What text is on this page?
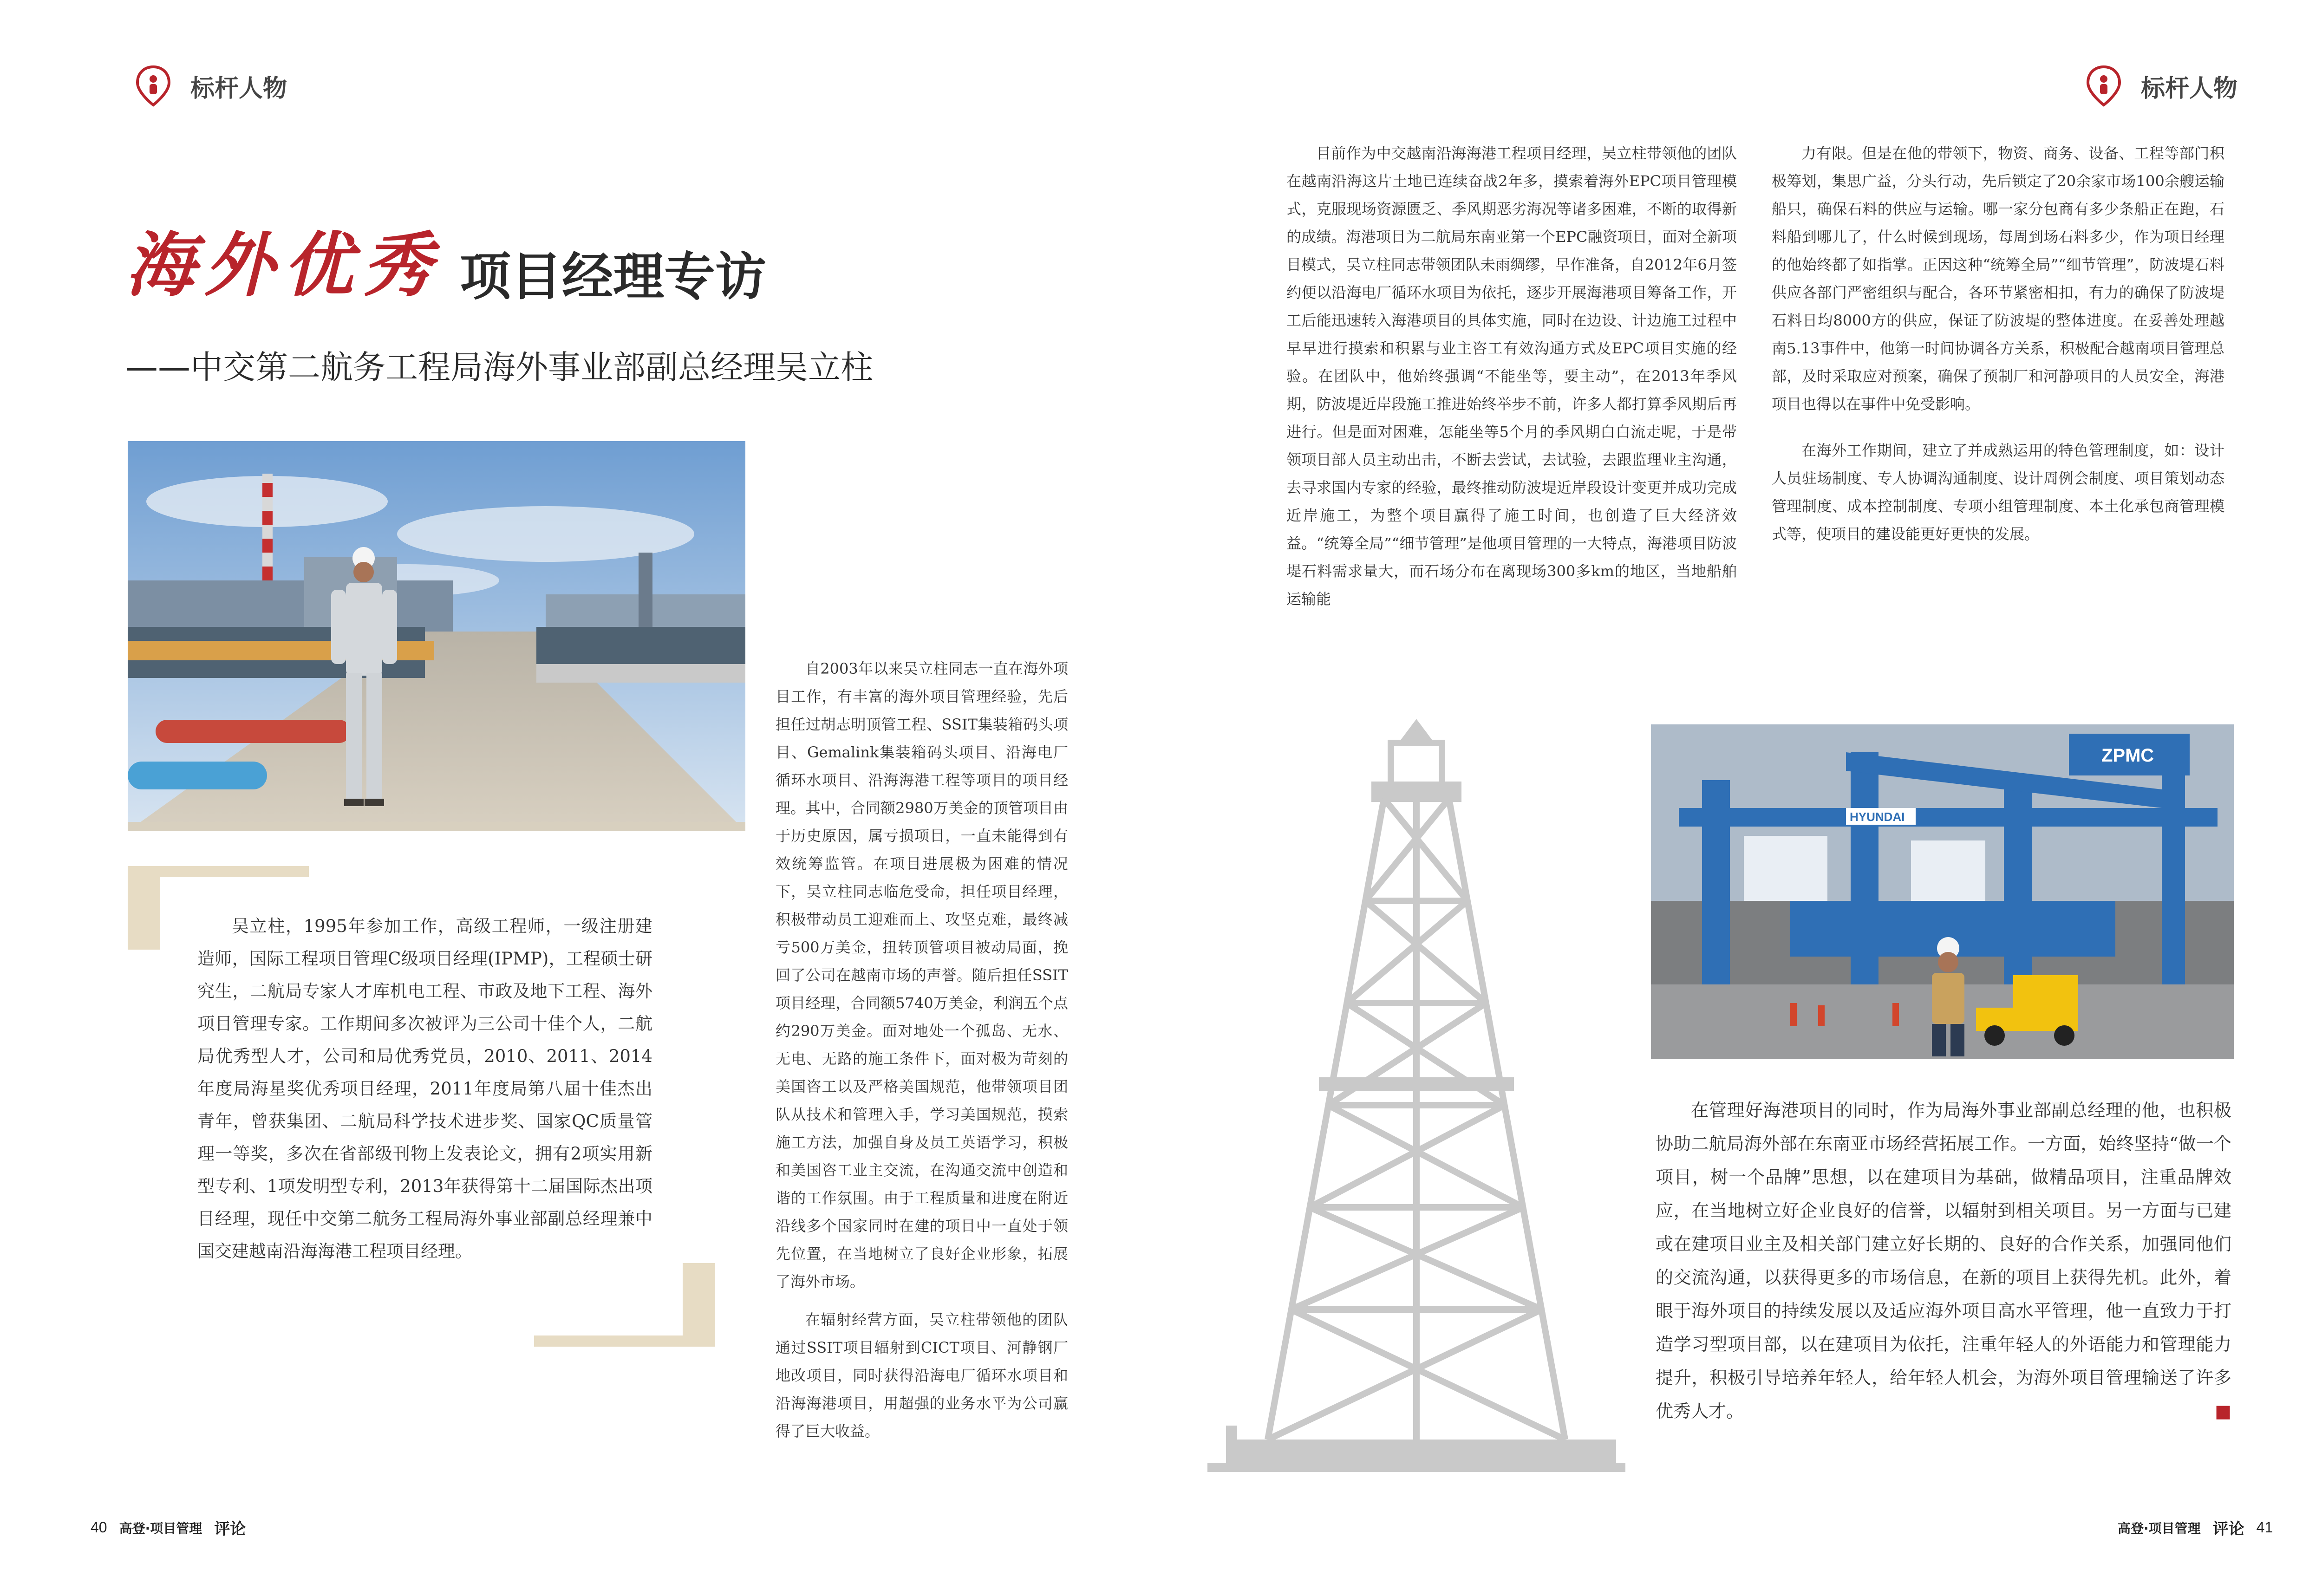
标杆人物	标杆人物
海外优秀 项目经理专访
——中交第二航务工程局海外事业部副总经理吴立柱

吴立柱，1995年参加工作，高级工程师，一级注册建造师，国际工程项目管理C级项目经理(IPMP)，工程硕士研究生，二航局专家人才库机电工程、市政及地下工程、海外项目管理专家。工作期间多次被评为三公司十佳个人，二航局优秀型人才，公司和局优秀党员，2010、2011、2014年度局海星奖优秀项目经理，2011年度局第八届十佳杰出青年，曾获集团、二航局科学技术进步奖、国家QC质量管理一等奖，多次在省部级刊物上发表论文，拥有2项实用新型专利、1项发明型专利，2013年获得第十二届国际杰出项目经理，现任中交第二航务工程局海外事业部副总经理兼中国交建越南沿海海港工程项目经理。

自2003年以来吴立柱同志一直在海外项目工作，有丰富的海外项目管理经验，先后担任过胡志明顶管工程、SSIT集装箱码头项目、Gemalink集装箱码头项目、沿海电厂循环水项目、沿海海港工程等项目的项目经理。其中，合同额2980万美金的顶管项目由于历史原因，属亏损项目，一直未能得到有效统筹监管。在项目进展极为困难的情况下，吴立柱同志临危受命，担任项目经理，积极带动员工迎难而上、攻坚克难，最终减亏500万美金，扭转顶管项目被动局面，挽回了公司在越南市场的声誉。随后担任SSIT项目经理，合同额5740万美金，利润五个点约290万美金。面对地处一个孤岛、无水、无电、无路的施工条件下，面对极为苛刻的美国咨工以及严格美国规范，他带领项目团队从技术和管理入手，学习美国规范，摸索施工方法，加强自身及员工英语学习，积极和美国咨工业主交流，在沟通交流中创造和谐的工作氛围。由于工程质量和进度在附近沿线多个国家同时在建的项目中一直处于领先位置，在当地树立了良好企业形象，拓展了海外市场。

在辐射经营方面，吴立柱带领他的团队通过SSIT项目辐射到CICT项目、河静钢厂地改项目，同时获得沿海电厂循环水项目和沿海海港项目，用超强的业务水平为公司赢得了巨大收益。

目前作为中交越南沿海海港工程项目经理，吴立柱带领他的团队在越南沿海这片土地已连续奋战2年多，摸索着海外EPC项目管理模式，克服现场资源匮乏、季风期恶劣海况等诸多困难，不断的取得新的成绩。海港项目为二航局东南亚第一个EPC融资项目，面对全新项目模式，吴立柱同志带领团队未雨绸缪，早作准备，自2012年6月签约便以沿海电厂循环水项目为依托，逐步开展海港项目筹备工作，开工后能迅速转入海港项目的具体实施，同时在边设、计边施工过程中早早进行摸索和积累与业主咨工有效沟通方式及EPC项目实施的经验。在团队中，他始终强调“不能坐等，要主动”，在2013年季风期，防波堤近岸段施工推进始终举步不前，许多人都打算季风期后再进行。但是面对困难，怎能坐等5个月的季风期白白流走呢，于是带领项目部人员主动出击，不断去尝试，去试验，去跟监理业主沟通，去寻求国内专家的经验，最终推动防波堤近岸段设计变更并成功完成近岸施工，为整个项目赢得了施工时间，也创造了巨大经济效益。“统筹全局”“细节管理”是他项目管理的一大特点，海港项目防波堤石料需求量大，而石场分布在离现场300多km的地区，当地船舶运输能

力有限。但是在他的带领下，物资、商务、设备、工程等部门积极筹划，集思广益，分头行动，先后锁定了20余家市场100余艘运输船只，确保石料的供应与运输。哪一家分包商有多少条船正在跑，石料船到哪儿了，什么时候到现场，每周到场石料多少，作为项目经理的他始终都了如指掌。正因这种“统筹全局”“细节管理”，防波堤石料供应各部门严密组织与配合，各环节紧密相扣，有力的确保了防波堤石料日均8000方的供应，保证了防波堤的整体进度。在妥善处理越南5.13事件中，他第一时间协调各方关系，积极配合越南项目管理总部，及时采取应对预案，确保了预制厂和河静项目的人员安全，海港项目也得以在事件中免受影响。

在海外工作期间，建立了并成熟运用的特色管理制度，如：设计人员驻场制度、专人协调沟通制度、设计周例会制度、项目策划动态管理制度、成本控制制度、专项小组管理制度、本土化承包商管理模式等，使项目的建设能更好更快的发展。

ZPMC
HYUNDAI

在管理好海港项目的同时，作为局海外事业部副总经理的他，也积极协助二航局海外部在东南亚市场经营拓展工作。一方面，始终坚持“做一个项目，树一个品牌”思想，以在建项目为基础，做精品项目，注重品牌效应，在当地树立好企业良好的信誉，以辐射到相关项目。另一方面与已建或在建项目业主及相关部门建立好长期的、良好的合作关系，加强同他们的交流沟通，以获得更多的市场信息，在新的项目上获得先机。此外，着眼于海外项目的持续发展以及适应海外项目高水平管理，他一直致力于打造学习型项目部，以在建项目为依托，注重年轻人的外语能力和管理能力提升，积极引导培养年轻人，给年轻人机会，为海外项目管理输送了许多优秀人才。	■
40 高登·项目管理 评论	高登·项目管理 评论 41
